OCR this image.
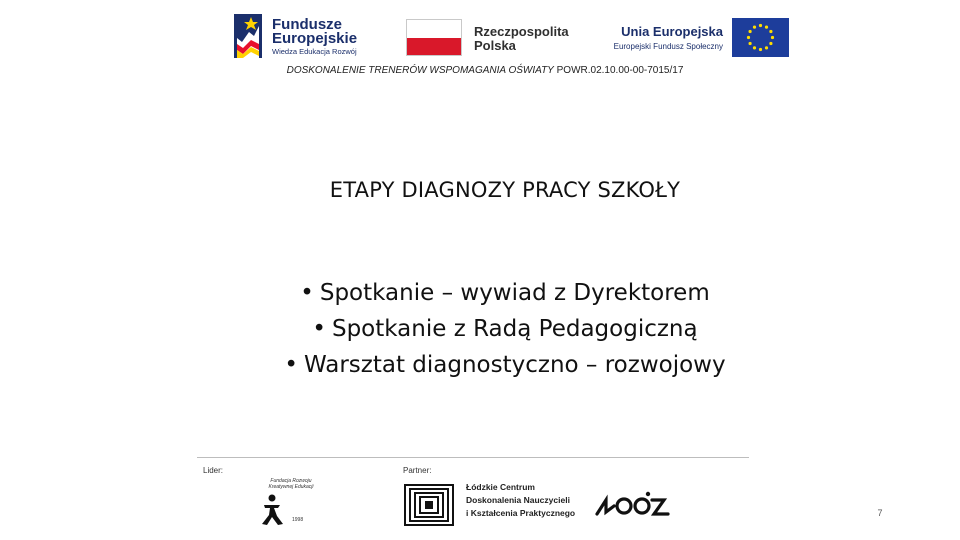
Fundusze
Europejskie
Wiedza Edukacja Rozwój
Rzeczpospolita
Polska
Unia Europejska
Europejski Fundusz Społeczny
DOSKONALENIE TRENERÓW WSPOMAGANIA OŚWIATY POWR.02.10.00-00-7015/17
ETAPY DIAGNOZY PRACY SZKOŁY
• Spotkanie – wywiad z Dyrektorem
• Spotkanie z Radą Pedagogiczną
• Warsztat diagnostyczno – rozwojowy
Lider:	Partner:
Fundacja Rozwoju Kreatywnej Edukacji
1998
Łódzkie Centrum
Doskonalenia Nauczycieli
i Kształcenia Praktycznego	7
